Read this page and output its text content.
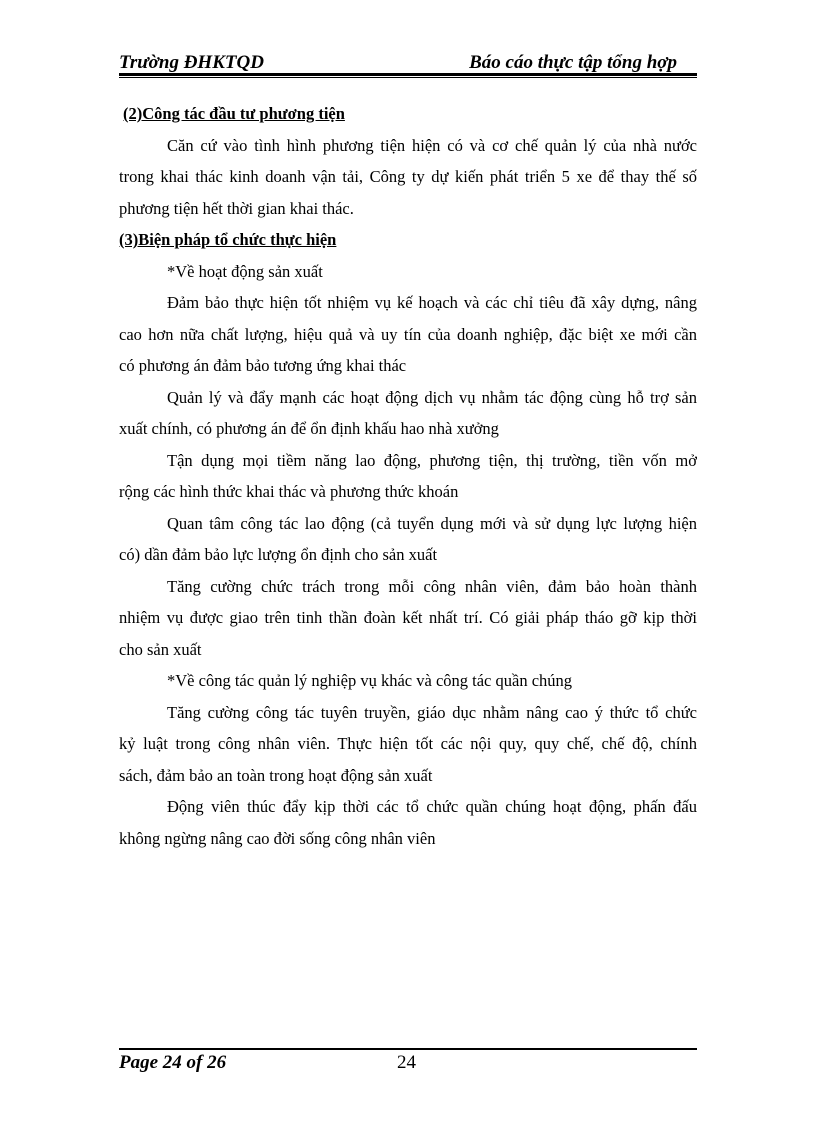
Trường ĐHKTQD	Báo cáo thực tập tổng hợp
(2)Công tác đầu tư phương tiện
Căn cứ vào tình hình phương tiện hiện có và cơ chế quản lý của nhà nước
trong khai thác kinh doanh vận tải, Công ty dự kiến phát triển 5 xe để thay thế số
phương tiện hết thời gian khai thác.
(3)Biện pháp tổ chức thực hiện
*Về hoạt động sản xuất
Đảm bảo thực hiện tốt nhiệm vụ kế hoạch và các chỉ tiêu đã xây dựng, nâng
cao hơn nữa chất lượng, hiệu quả và uy tín của doanh nghiệp, đặc biệt xe mới cần
có phương án đảm bảo tương ứng khai thác
Quản lý và đẩy mạnh các hoạt động dịch vụ nhằm tác động cùng hỗ trợ sản
xuất chính, có phương án để ổn định khấu hao nhà xưởng
Tận dụng mọi tiềm năng lao động, phương tiện, thị trường, tiền vốn mở
rộng các hình thức khai thác và phương thức khoán
Quan tâm công tác lao động (cả tuyển dụng mới và sử dụng lực lượng hiện
có) dần đảm bảo lực lượng ổn định cho sản xuất
Tăng cường chức trách trong mỗi công nhân viên, đảm bảo hoàn thành
nhiệm vụ được giao trên tinh thần đoàn kết nhất trí. Có giải pháp tháo gỡ kịp thời
cho sản xuất
*Về công tác quản lý nghiệp vụ khác và công tác quần chúng
Tăng cường công tác tuyên truyền, giáo dục nhằm nâng cao ý thức tổ chức
kỷ luật trong công nhân viên. Thực hiện tốt các nội quy, quy chế, chế độ, chính
sách, đảm bảo an toàn trong hoạt động sản xuất
Động viên thúc đẩy kịp thời các tổ chức quần chúng hoạt động, phấn đấu
không ngừng nâng cao đời sống công nhân viên
Page 24 of 26	24
